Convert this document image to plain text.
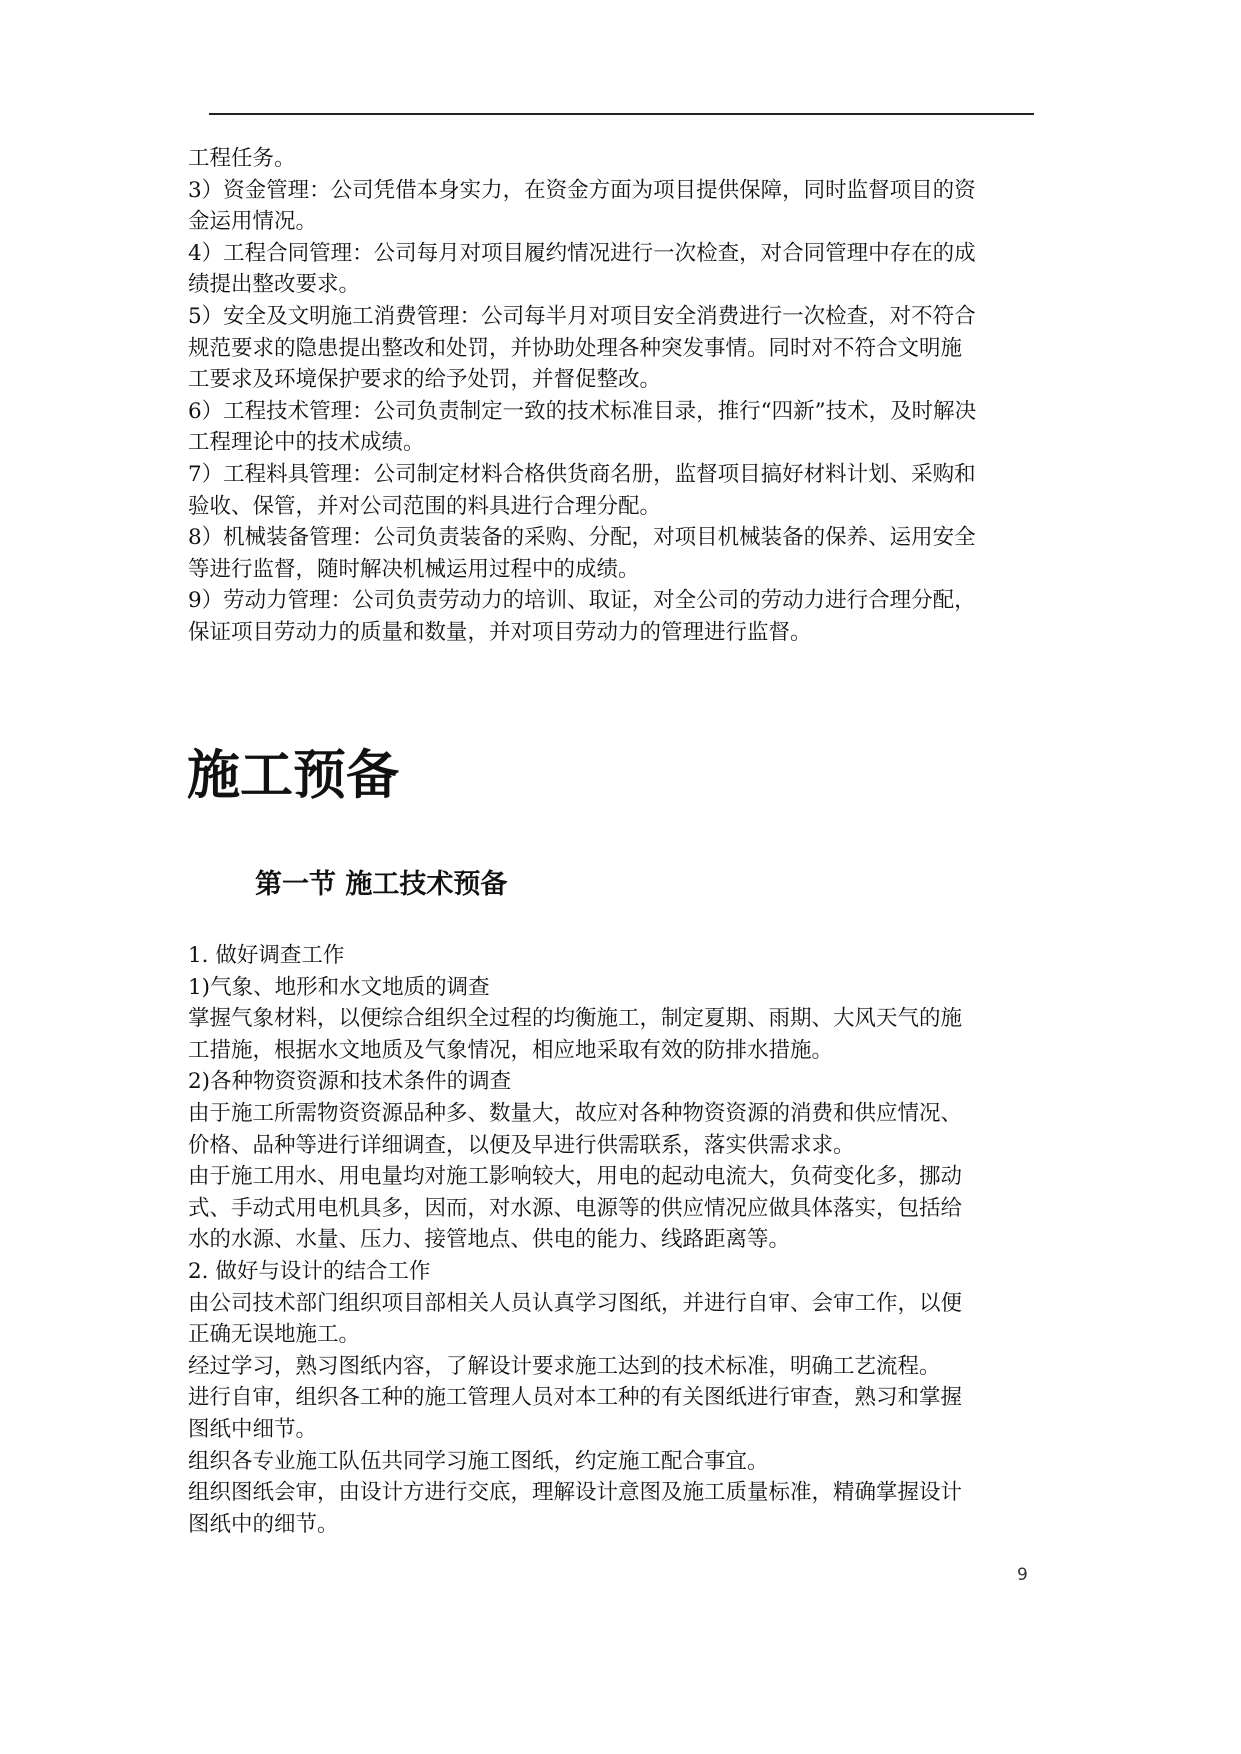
工程任务。

3）资金管理：公司凭借本身实力，在资金方面为项目提供保障，同时监督项目的资

金运用情况。

4）工程合同管理：公司每月对项目履约情况进行一次检查，对合同管理中存在的成

绩提出整改要求。

5）安全及文明施工消费管理：公司每半月对项目安全消费进行一次检查，对不符合

规范要求的隐患提出整改和处罚，并协助处理各种突发事情。同时对不符合文明施

工要求及环境保护要求的给予处罚，并督促整改。

6）工程技术管理：公司负责制定一致的技术标准目录，推行“四新”技术，及时解决

工程理论中的技术成绩。

7）工程料具管理：公司制定材料合格供货商名册，监督项目搞好材料计划、采购和

验收、保管，并对公司范围的料具进行合理分配。

8）机械装备管理：公司负责装备的采购、分配，对项目机械装备的保养、运用安全

等进行监督，随时解决机械运用过程中的成绩。

9）劳动力管理：公司负责劳动力的培训、取证，对全公司的劳动力进行合理分配，

保证项目劳动力的质量和数量，并对项目劳动力的管理进行监督。

施工预备
第一节 施工技术预备

1. 做好调查工作

1)气象、地形和水文地质的调查

掌握气象材料，以便综合组织全过程的均衡施工，制定夏期、雨期、大风天气的施

工措施，根据水文地质及气象情况，相应地采取有效的防排水措施。

2)各种物资资源和技术条件的调查

由于施工所需物资资源品种多、数量大，故应对各种物资资源的消费和供应情况、

价格、品种等进行详细调查，以便及早进行供需联系，落实供需求求。

由于施工用水、用电量均对施工影响较大，用电的起动电流大，负荷变化多，挪动

式、手动式用电机具多，因而，对水源、电源等的供应情况应做具体落实，包括给

水的水源、水量、压力、接管地点、供电的能力、线路距离等。

2. 做好与设计的结合工作

由公司技术部门组织项目部相关人员认真学习图纸，并进行自审、会审工作，以便

正确无误地施工。

经过学习，熟习图纸内容，了解设计要求施工达到的技术标准，明确工艺流程。

进行自审，组织各工种的施工管理人员对本工种的有关图纸进行审查，熟习和掌握

图纸中细节。

组织各专业施工队伍共同学习施工图纸，约定施工配合事宜。

组织图纸会审，由设计方进行交底，理解设计意图及施工质量标准，精确掌握设计

图纸中的细节。

9
